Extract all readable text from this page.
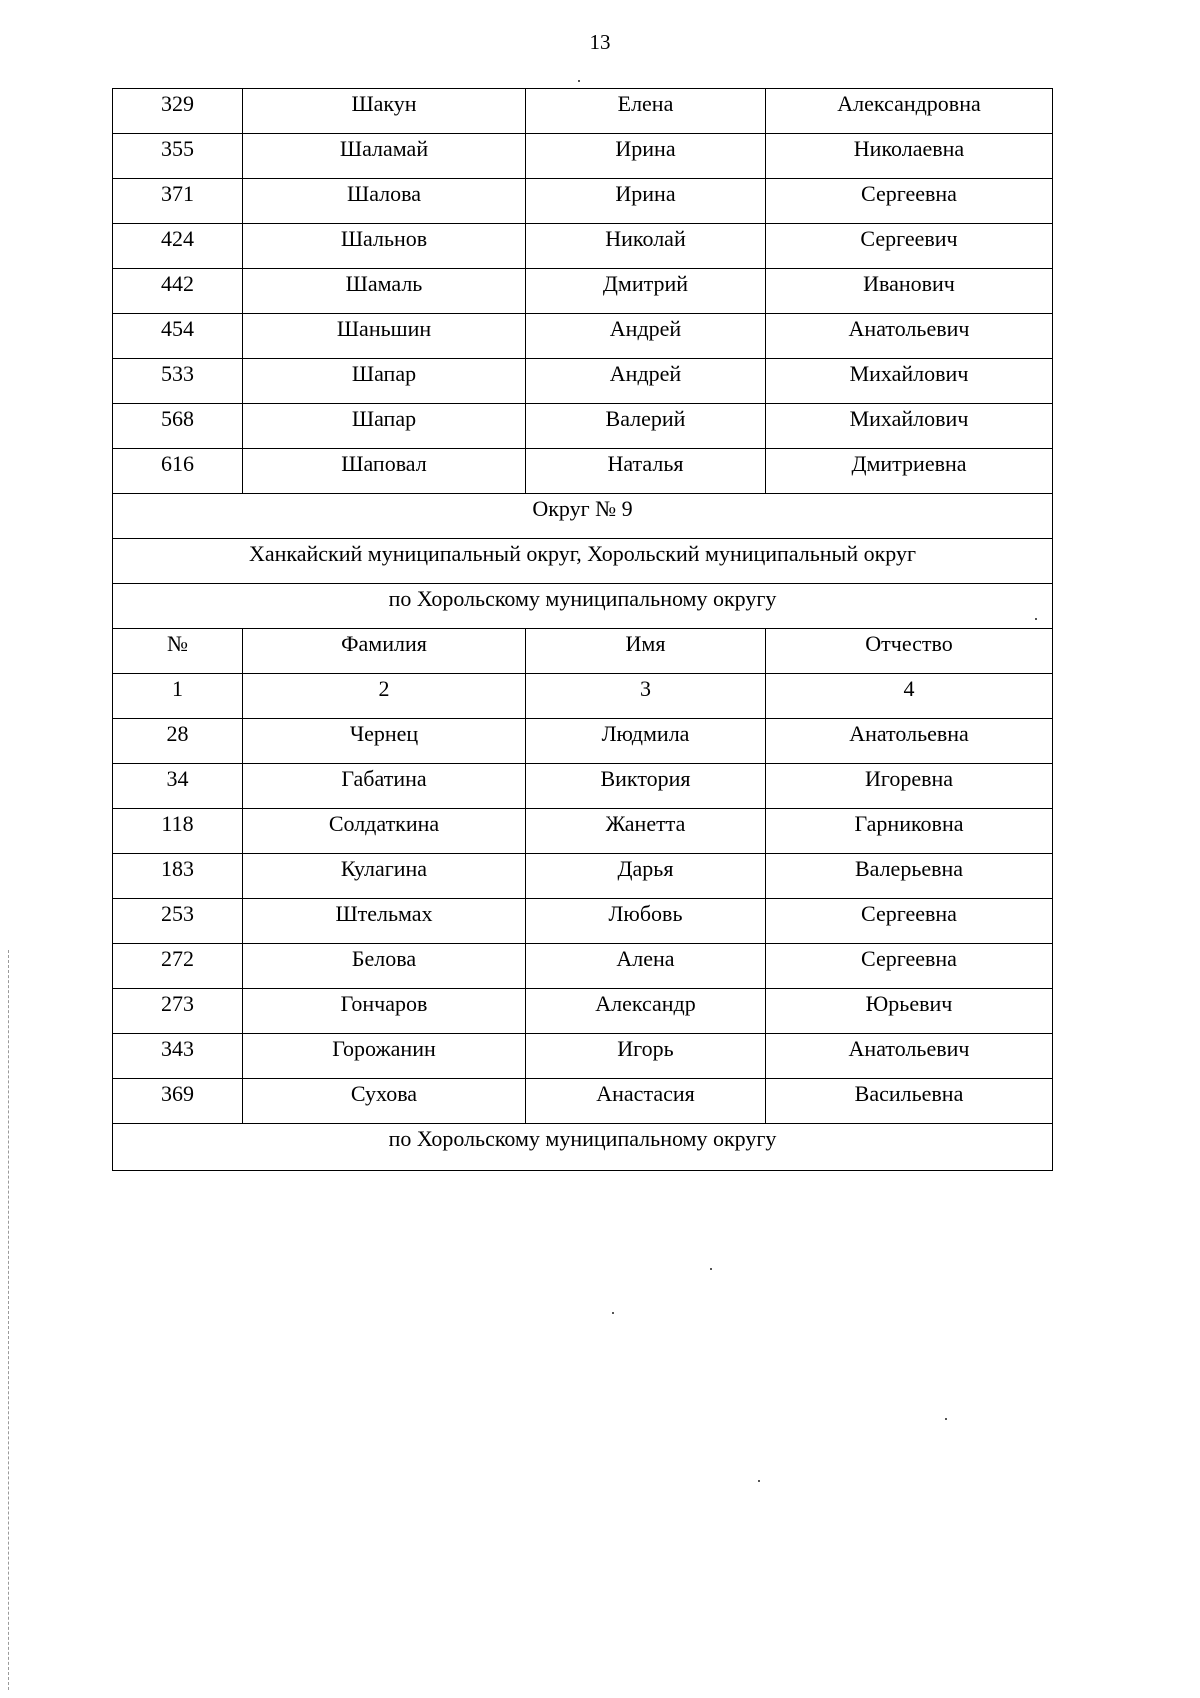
13
329	Шакун	Елена	Александровна
355	Шаламай	Ирина	Николаевна
371	Шалова	Ирина	Сергеевна
424	Шальнов	Николай	Сергеевич
442	Шамаль	Дмитрий	Иванович
454	Шаньшин	Андрей	Анатольевич
533	Шапар	Андрей	Михайлович
568	Шапар	Валерий	Михайлович
616	Шаповал	Наталья	Дмитриевна
Округ № 9			
Ханкайский муниципальный округ, Хорольский муниципальный округ			
по Хорольскому муниципальному округу			
№	Фамилия	Имя	Отчество
1	2	3	4
28	Чернец	Людмила	Анатольевна
34	Габатина	Виктория	Игоревна
118	Солдаткина	Жанетта	Гарниковна
183	Кулагина	Дарья	Валерьевна
253	Штельмах	Любовь	Сергеевна
272	Белова	Алена	Сергеевна
273	Гончаров	Александр	Юрьевич
343	Горожанин	Игорь	Анатольевич
369	Сухова	Анастасия	Васильевна
по Хорольскому муниципальному округу			
